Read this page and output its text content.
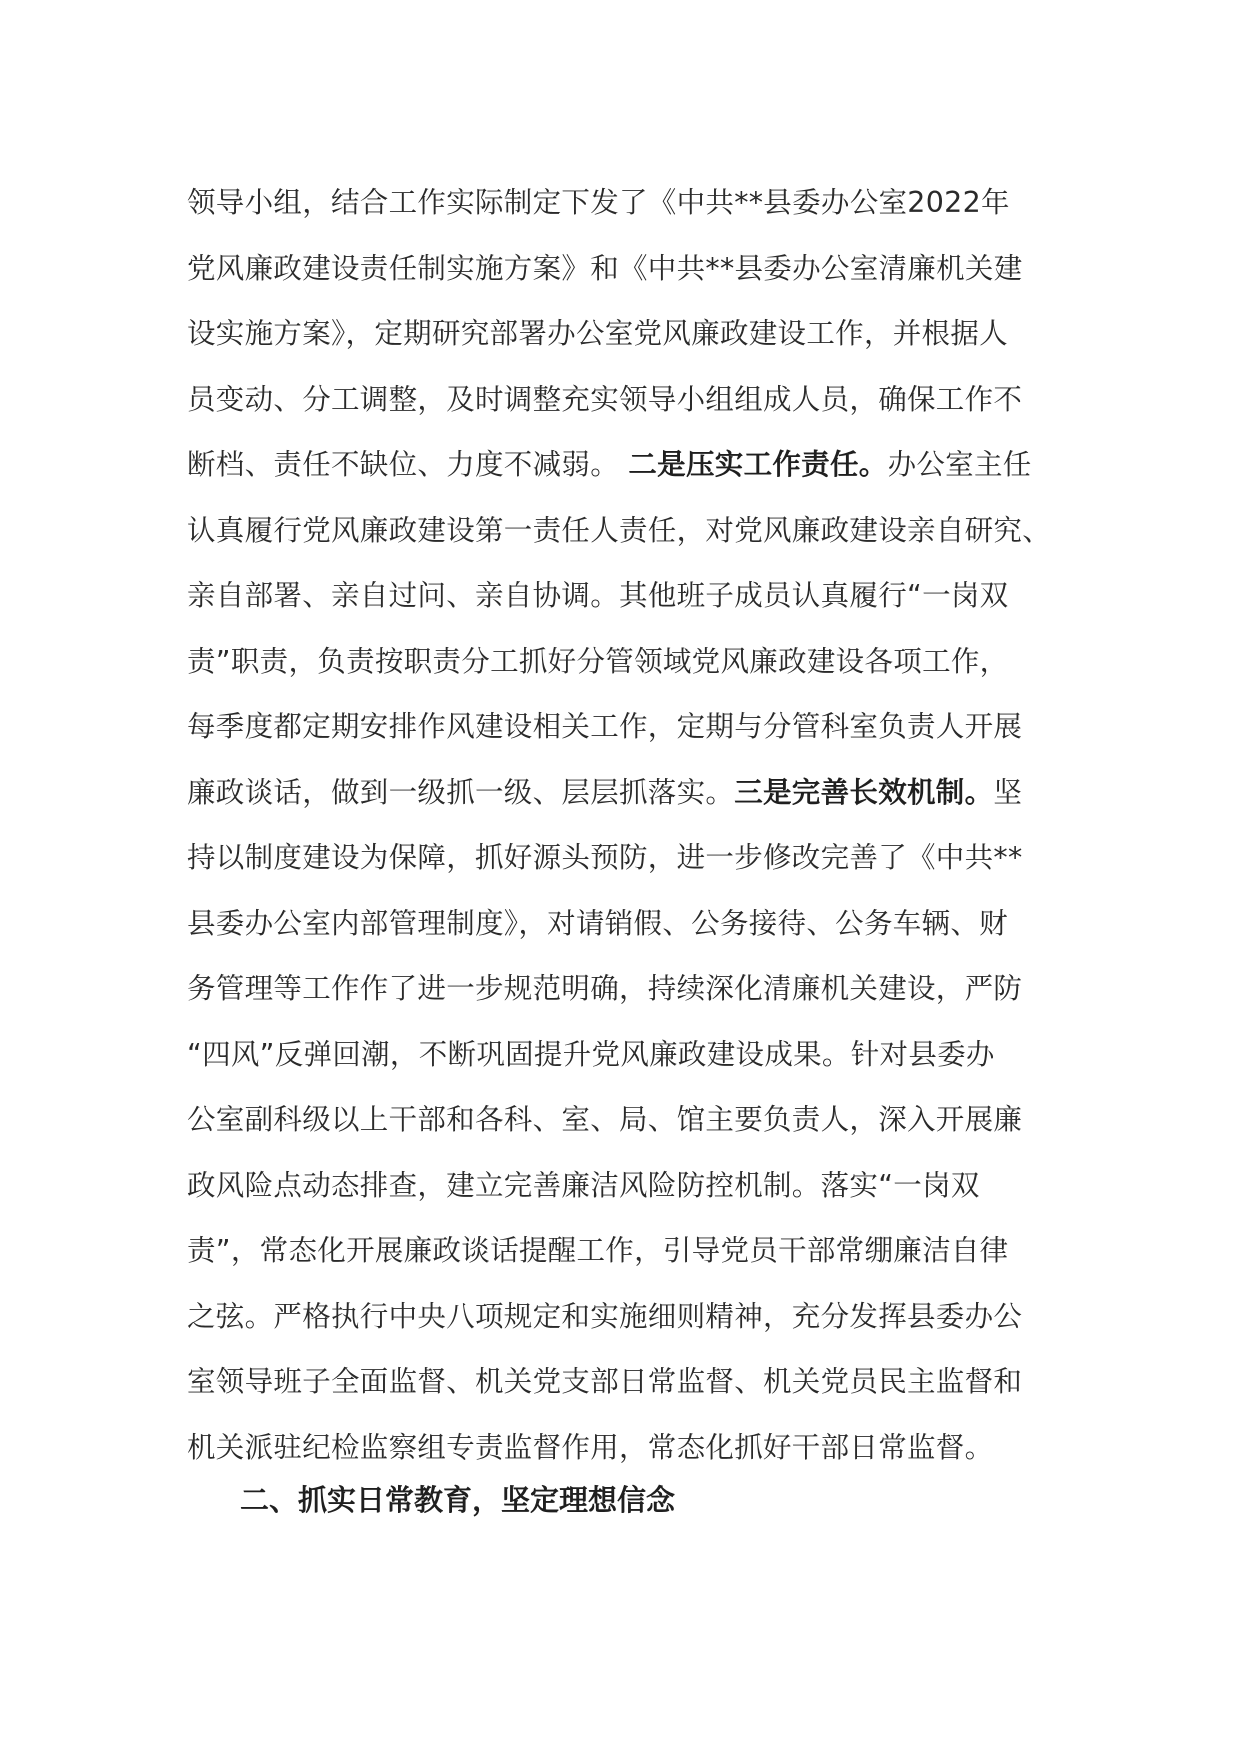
领导小组，结合工作实际制定下发了《中共**县委办公室2022年
党风廉政建设责任制实施方案》和《中共**县委办公室清廉机关建
设实施方案》，定期研究部署办公室党风廉政建设工作，并根据人
员变动、分工调整，及时调整充实领导小组组成人员，确保工作不
断档、责任不缺位、力度不减弱。 二是压实工作责任。办公室主任
认真履行党风廉政建设第一责任人责任，对党风廉政建设亲自研究、
亲自部署、亲自过问、亲自协调。其他班子成员认真履行“一岗双
责”职责，负责按职责分工抓好分管领域党风廉政建设各项工作，
每季度都定期安排作风建设相关工作，定期与分管科室负责人开展
廉政谈话，做到一级抓一级、层层抓落实。三是完善长效机制。坚
持以制度建设为保障，抓好源头预防，进一步修改完善了《中共**
县委办公室内部管理制度》，对请销假、公务接待、公务车辆、财
务管理等工作作了进一步规范明确，持续深化清廉机关建设，严防
“四风”反弹回潮，不断巩固提升党风廉政建设成果。针对县委办
公室副科级以上干部和各科、室、局、馆主要负责人，深入开展廉
政风险点动态排查，建立完善廉洁风险防控机制。落实“一岗双
责”，常态化开展廉政谈话提醒工作，引导党员干部常绷廉洁自律
之弦。严格执行中央八项规定和实施细则精神，充分发挥县委办公
室领导班子全面监督、机关党支部日常监督、机关党员民主监督和
机关派驻纪检监察组专责监督作用，常态化抓好干部日常监督。
二、抓实日常教育，坚定理想信念
